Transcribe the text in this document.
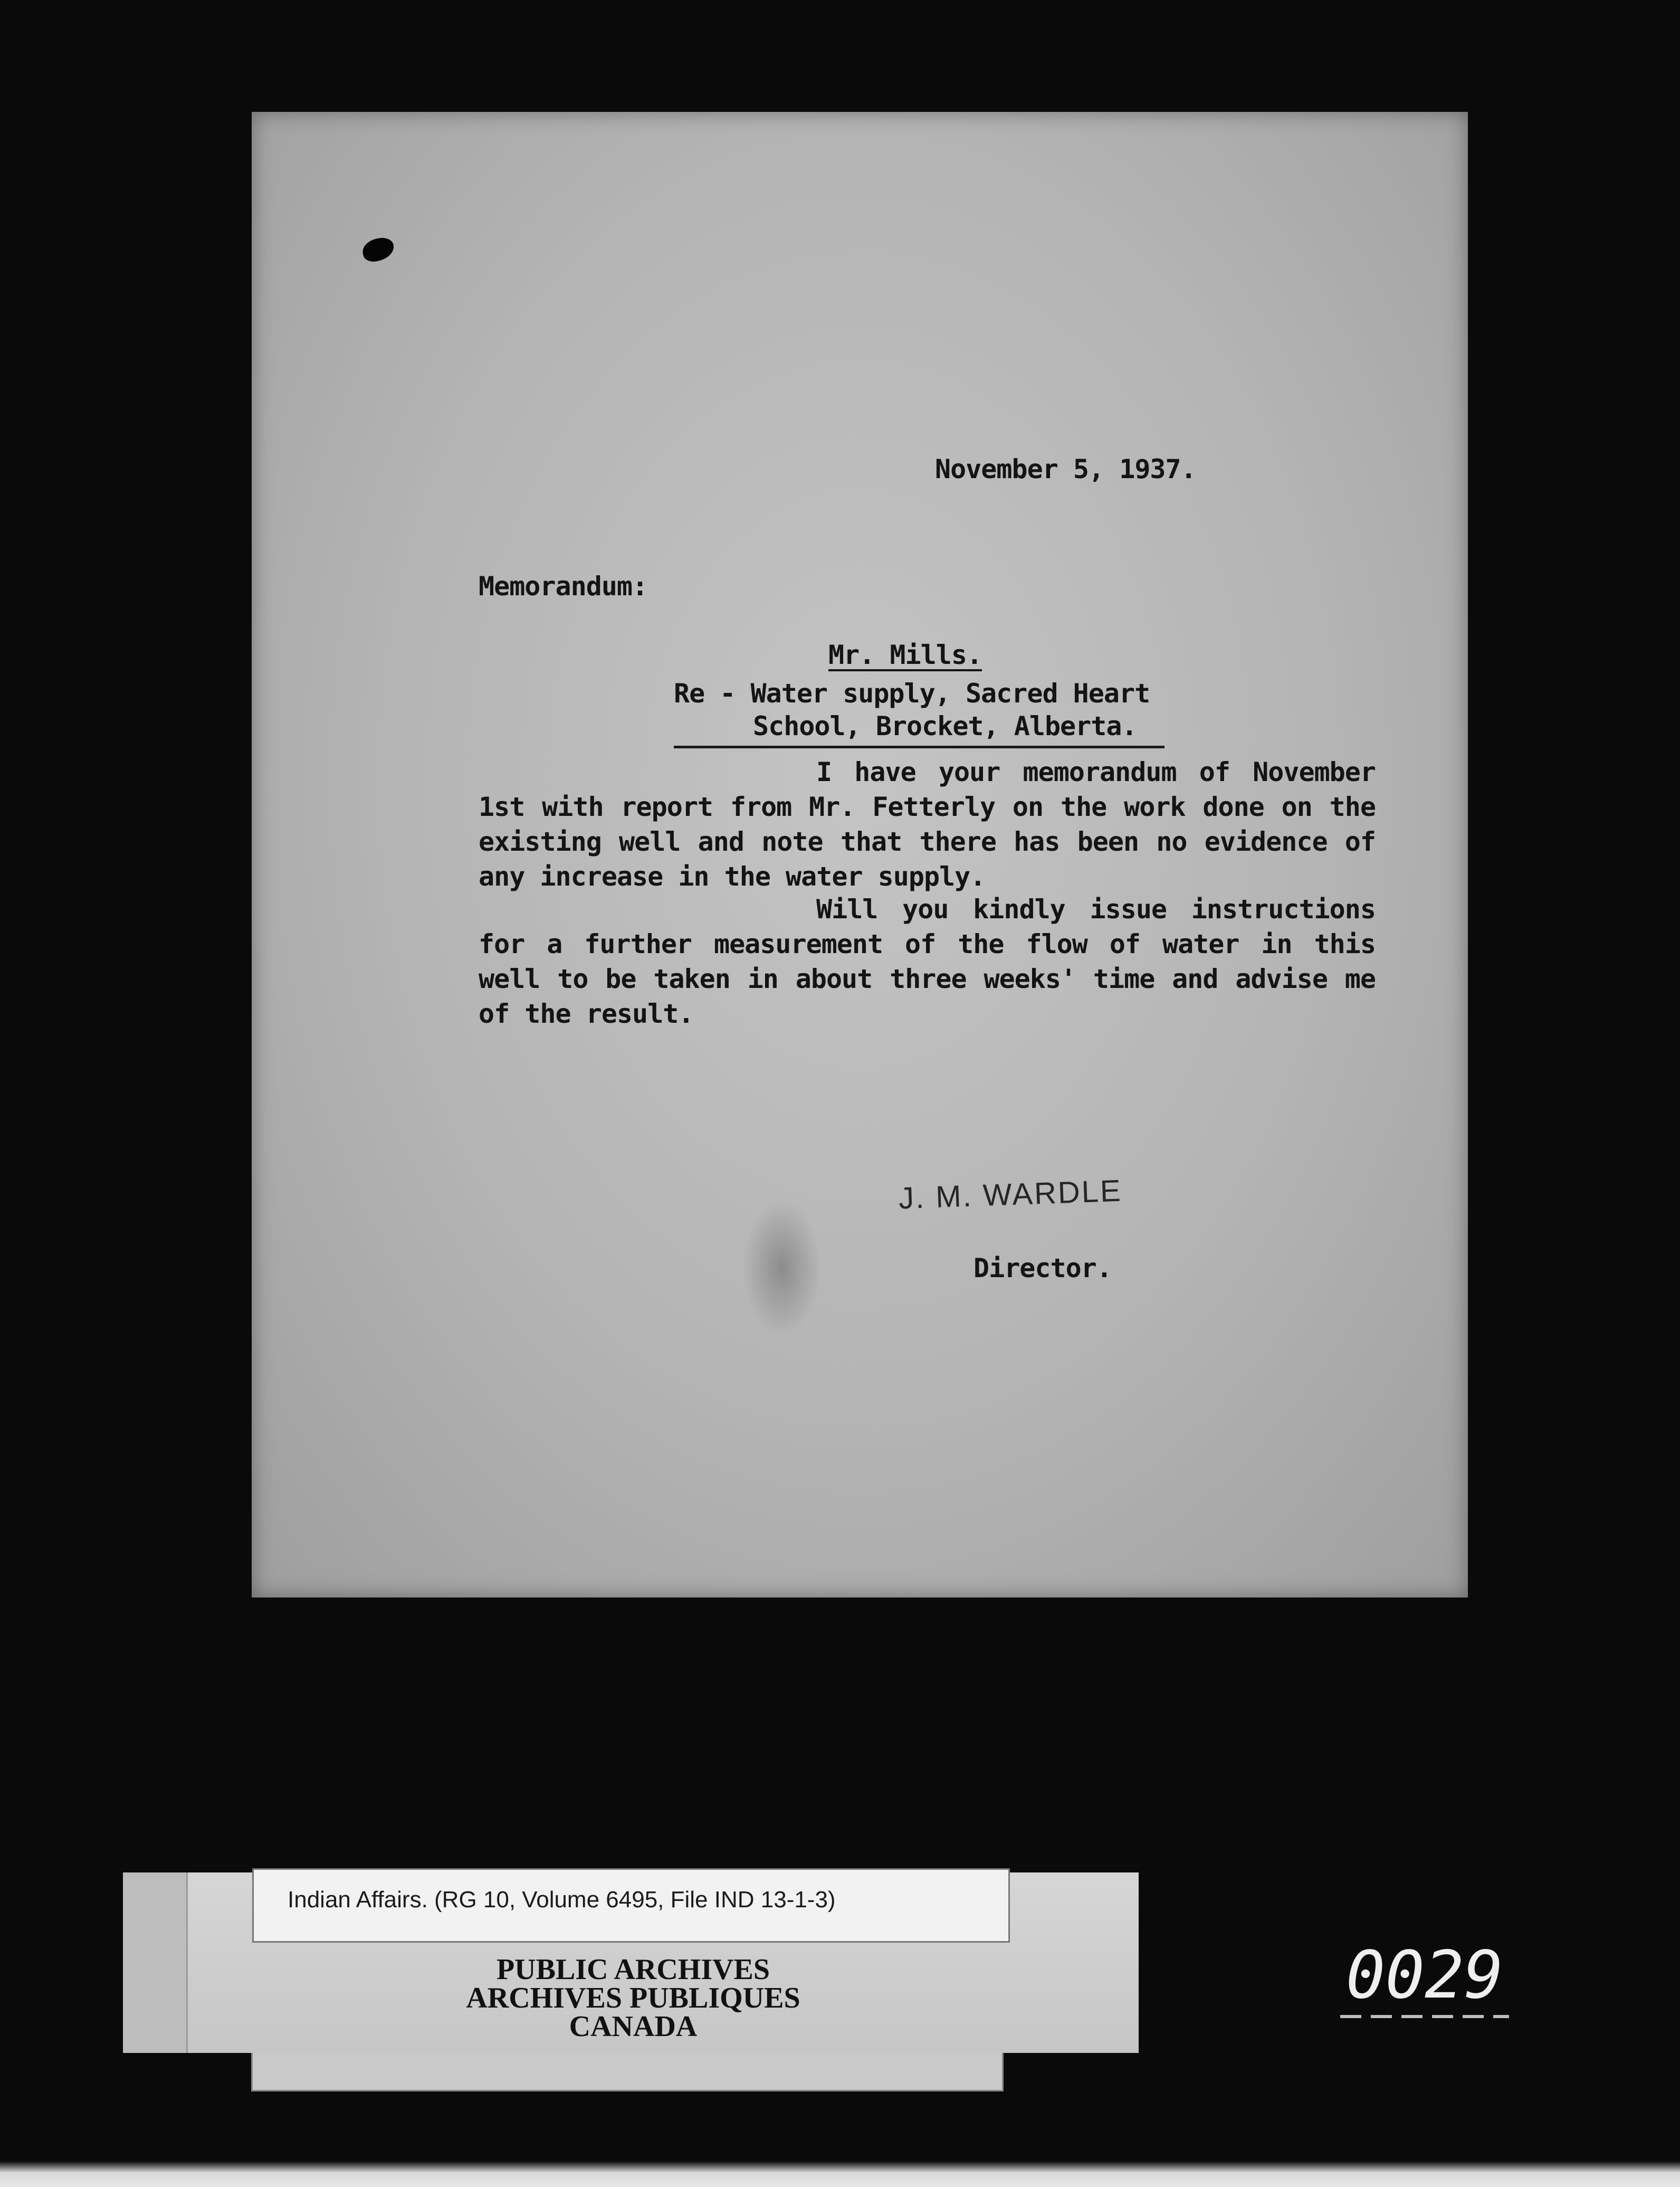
November 5, 1937.
Memorandum:
Mr. Mills.
Re - Water supply, Sacred Heart
School, Brocket, Alberta.
I have your memorandum of November 1st with report from Mr. Fetterly on the work done on the existing well and note that there has been no evidence of any increase in the water supply.
Will you kindly issue instructions for a further measurement of the flow of water in this well to be taken in about three weeks' time and advise me of the result.
J. M. WARDLE
Director.
Indian Affairs. (RG 10, Volume 6495, File IND 13-1-3)
PUBLIC ARCHIVES
ARCHIVES PUBLIQUES
CANADA
0029
